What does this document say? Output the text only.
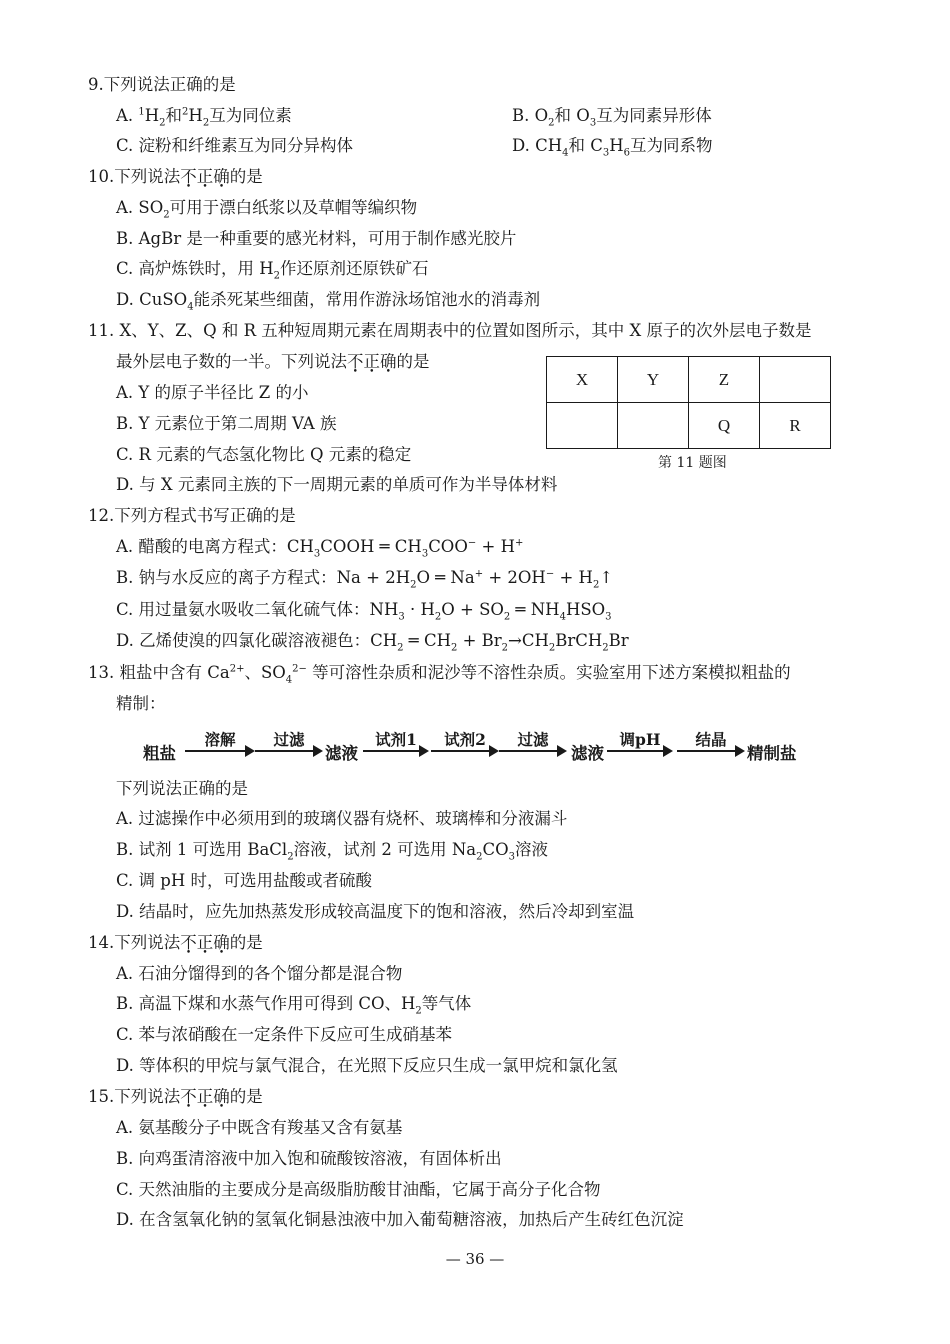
9.下列说法正确的是
A. $^1H_2$和$^2H_2$互为同位素	B. $O_2$和 $O_3$互为同素异形体
C. 淀粉和纤维素互为同分异构体	D. $CH_4$和 $C_3H_6$互为同系物
10.下列说法不正确的是
A. $SO_2$可用于漂白纸浆以及草帽等编织物
B. AgBr 是一种重要的感光材料，可用于制作感光胶片
C. 高炉炼铁时，用 $H_2$作还原剂还原铁矿石
D. CuSO$_4$能杀死某些细菌，常用作游泳场馆池水的消毒剂
11. X、Y、Z、Q 和 R 五种短周期元素在周期表中的位置如图所示，其中 X 原子的次外层电子数是
最外层电子数的一半。下列说法不正确的是
A. Y 的原子半径比 Z 的小
B. Y 元素位于第二周期 VA 族
C. R 元素的气态氢化物比 Q 元素的稳定
D. 与 X 元素同主族的下一周期元素的单质可作为半导体材料
X	Y	Z	
		Q	R
第 11 题图
12.下列方程式书写正确的是
A. 醋酸的电离方程式：$CH_3COOH$ ═ $CH_3COO^- + H^+$
B. 钠与水反应的离子方程式：$Na + 2H_2O$ ═ $Na^+ + 2OH^- + H_2↑$
C. 用过量氨水吸收二氧化硫气体：$NH_3 \cdot H_2O + SO_2$ ═ $NH_4HSO_3$
D. 乙烯使溴的四氯化碳溶液褪色：$CH_2$ ═ $CH_2$ + $Br_2\to CH_2BrCH_2Br$
13. 粗盐中含有 $Ca^{2+}$、$SO_4^{2-}$ 等可溶性杂质和泥沙等不溶性杂质。实验室用下述方案模拟粗盐的
精制：
粗盐
溶解	过滤
滤液
试剂1	试剂2	过滤
滤液
调pH	结晶
精制盐
下列说法正确的是
A. 过滤操作中必须用到的玻璃仪器有烧杯、玻璃棒和分液漏斗
B. 试剂 1 可选用 BaCl$_2$溶液，试剂 2 可选用 $Na_2CO_3$溶液
C. 调 pH 时，可选用盐酸或者硫酸
D. 结晶时，应先加热蒸发形成较高温度下的饱和溶液，然后冷却到室温
14.下列说法不正确的是
A. 石油分馏得到的各个馏分都是混合物
B. 高温下煤和水蒸气作用可得到 CO、$H_2$等气体
C. 苯与浓硝酸在一定条件下反应可生成硝基苯
D. 等体积的甲烷与氯气混合，在光照下反应只生成一氯甲烷和氯化氢
15.下列说法不正确的是
A. 氨基酸分子中既含有羧基又含有氨基
B. 向鸡蛋清溶液中加入饱和硫酸铵溶液，有固体析出
C. 天然油脂的主要成分是高级脂肪酸甘油酯，它属于高分子化合物
D. 在含氢氧化钠的氢氧化铜悬浊液中加入葡萄糖溶液，加热后产生砖红色沉淀
— 36 —
